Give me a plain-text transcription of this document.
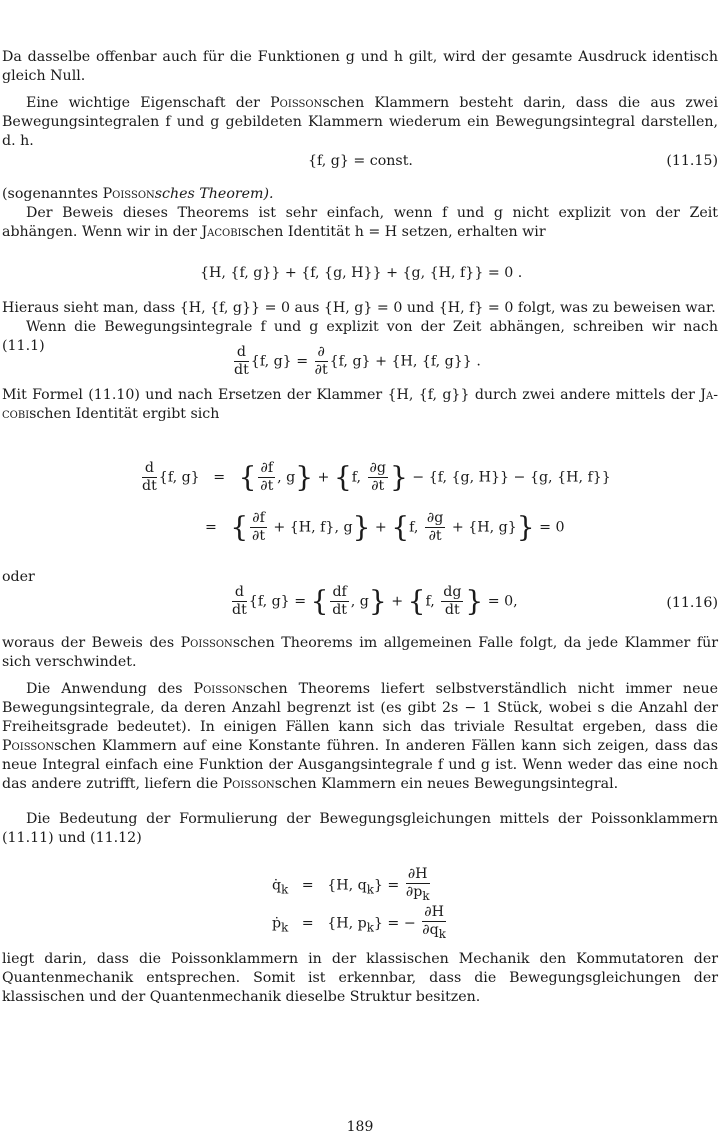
Da dasselbe offenbar auch für die Funktionen g und h gilt, wird der gesamte Ausdruck identisch gleich Null.

Eine wichtige Eigenschaft der Poissonschen Klammern besteht darin, dass die aus zwei Bewegungsintegralen f und g gebildeten Klammern wiederum ein Bewegungsintegral darstellen, d. h.

{f, g} = const.	(11.15)

(sogenanntes Poissonsches Theorem).

Der Beweis dieses Theorems ist sehr einfach, wenn f und g nicht explizit von der Zeit abhängen. Wenn wir in der Jacobischen Identität h = H setzen, erhalten wir

{H, {f, g}} + {f, {g, H}} + {g, {H, f}} = 0 .

Hieraus sieht man, dass {H, {f, g}} = 0 aus {H, g} = 0 und {H, f} = 0 folgt, was zu beweisen war.

Wenn die Bewegungsintegrale f und g explizit von der Zeit abhängen, schreiben wir nach (11.1)	$\frac{d}{dt} \{f$, $g\} = \frac{\partial}{\partial t} \{f$, g} + {H, {f, g}} .

Mit Formel (11.10) und nach Ersetzen der Klammer {H, {f, g}} durch zwei andere mittels der Ja-cobischen Identität ergibt sich

$\frac{d}{dt} \{f$, g}   =   { $\frac{\partial f}{\partial t}$ , g} + {f, $\frac{\partial g}{\partial t}$ } − {f, {g, H}} − {g, {H, f}}
=   { $\frac{\partial f}{\partial t} + \{H$, f}, g} + {f, $\frac{\partial g}{\partial t} + \{H$, g}} = 0

oder

$\frac{d}{dt} \{f$, g} = { $\frac{df}{dt}$ , g} + {f, $\frac{dg}{dt}$ } = 0,	(11.16)

woraus der Beweis des Poissonschen Theorems im allgemeinen Falle folgt, da jede Klammer für sich verschwindet.

Die Anwendung des Poissonschen Theorems liefert selbstverständlich nicht immer neue Bewegungsintegrale, da deren Anzahl begrenzt ist (es gibt 2s − 1 Stück, wobei s die Anzahl der Freiheitsgrade bedeutet). In einigen Fällen kann sich das triviale Resultat ergeben, dass die Poissonschen Klammern auf eine Konstante führen. In anderen Fällen kann sich zeigen, dass das neue Integral einfach eine Funktion der Ausgangsintegrale f und g ist. Wenn weder das eine noch das andere zutrifft, liefern die Poissonschen Klammern ein neues Bewegungsintegral.

Die Bedeutung der Formulierung der Bewegungsgleichungen mittels der Poissonklammern (11.11) und (11.12)

$q̇_k = \{H$, $q_k\} = \frac{\partial H}{\partial p_k}$
ṗ$_k$   =   {H, $p_k$} = − $\frac{\partial H}{\partial q_k}$

liegt darin, dass die Poissonklammern in der klassischen Mechanik den Kommutatoren der Quantenmechanik entsprechen. Somit ist erkennbar, dass die Bewegungsgleichungen der klassischen und der Quantenmechanik dieselbe Struktur besitzen.

189
